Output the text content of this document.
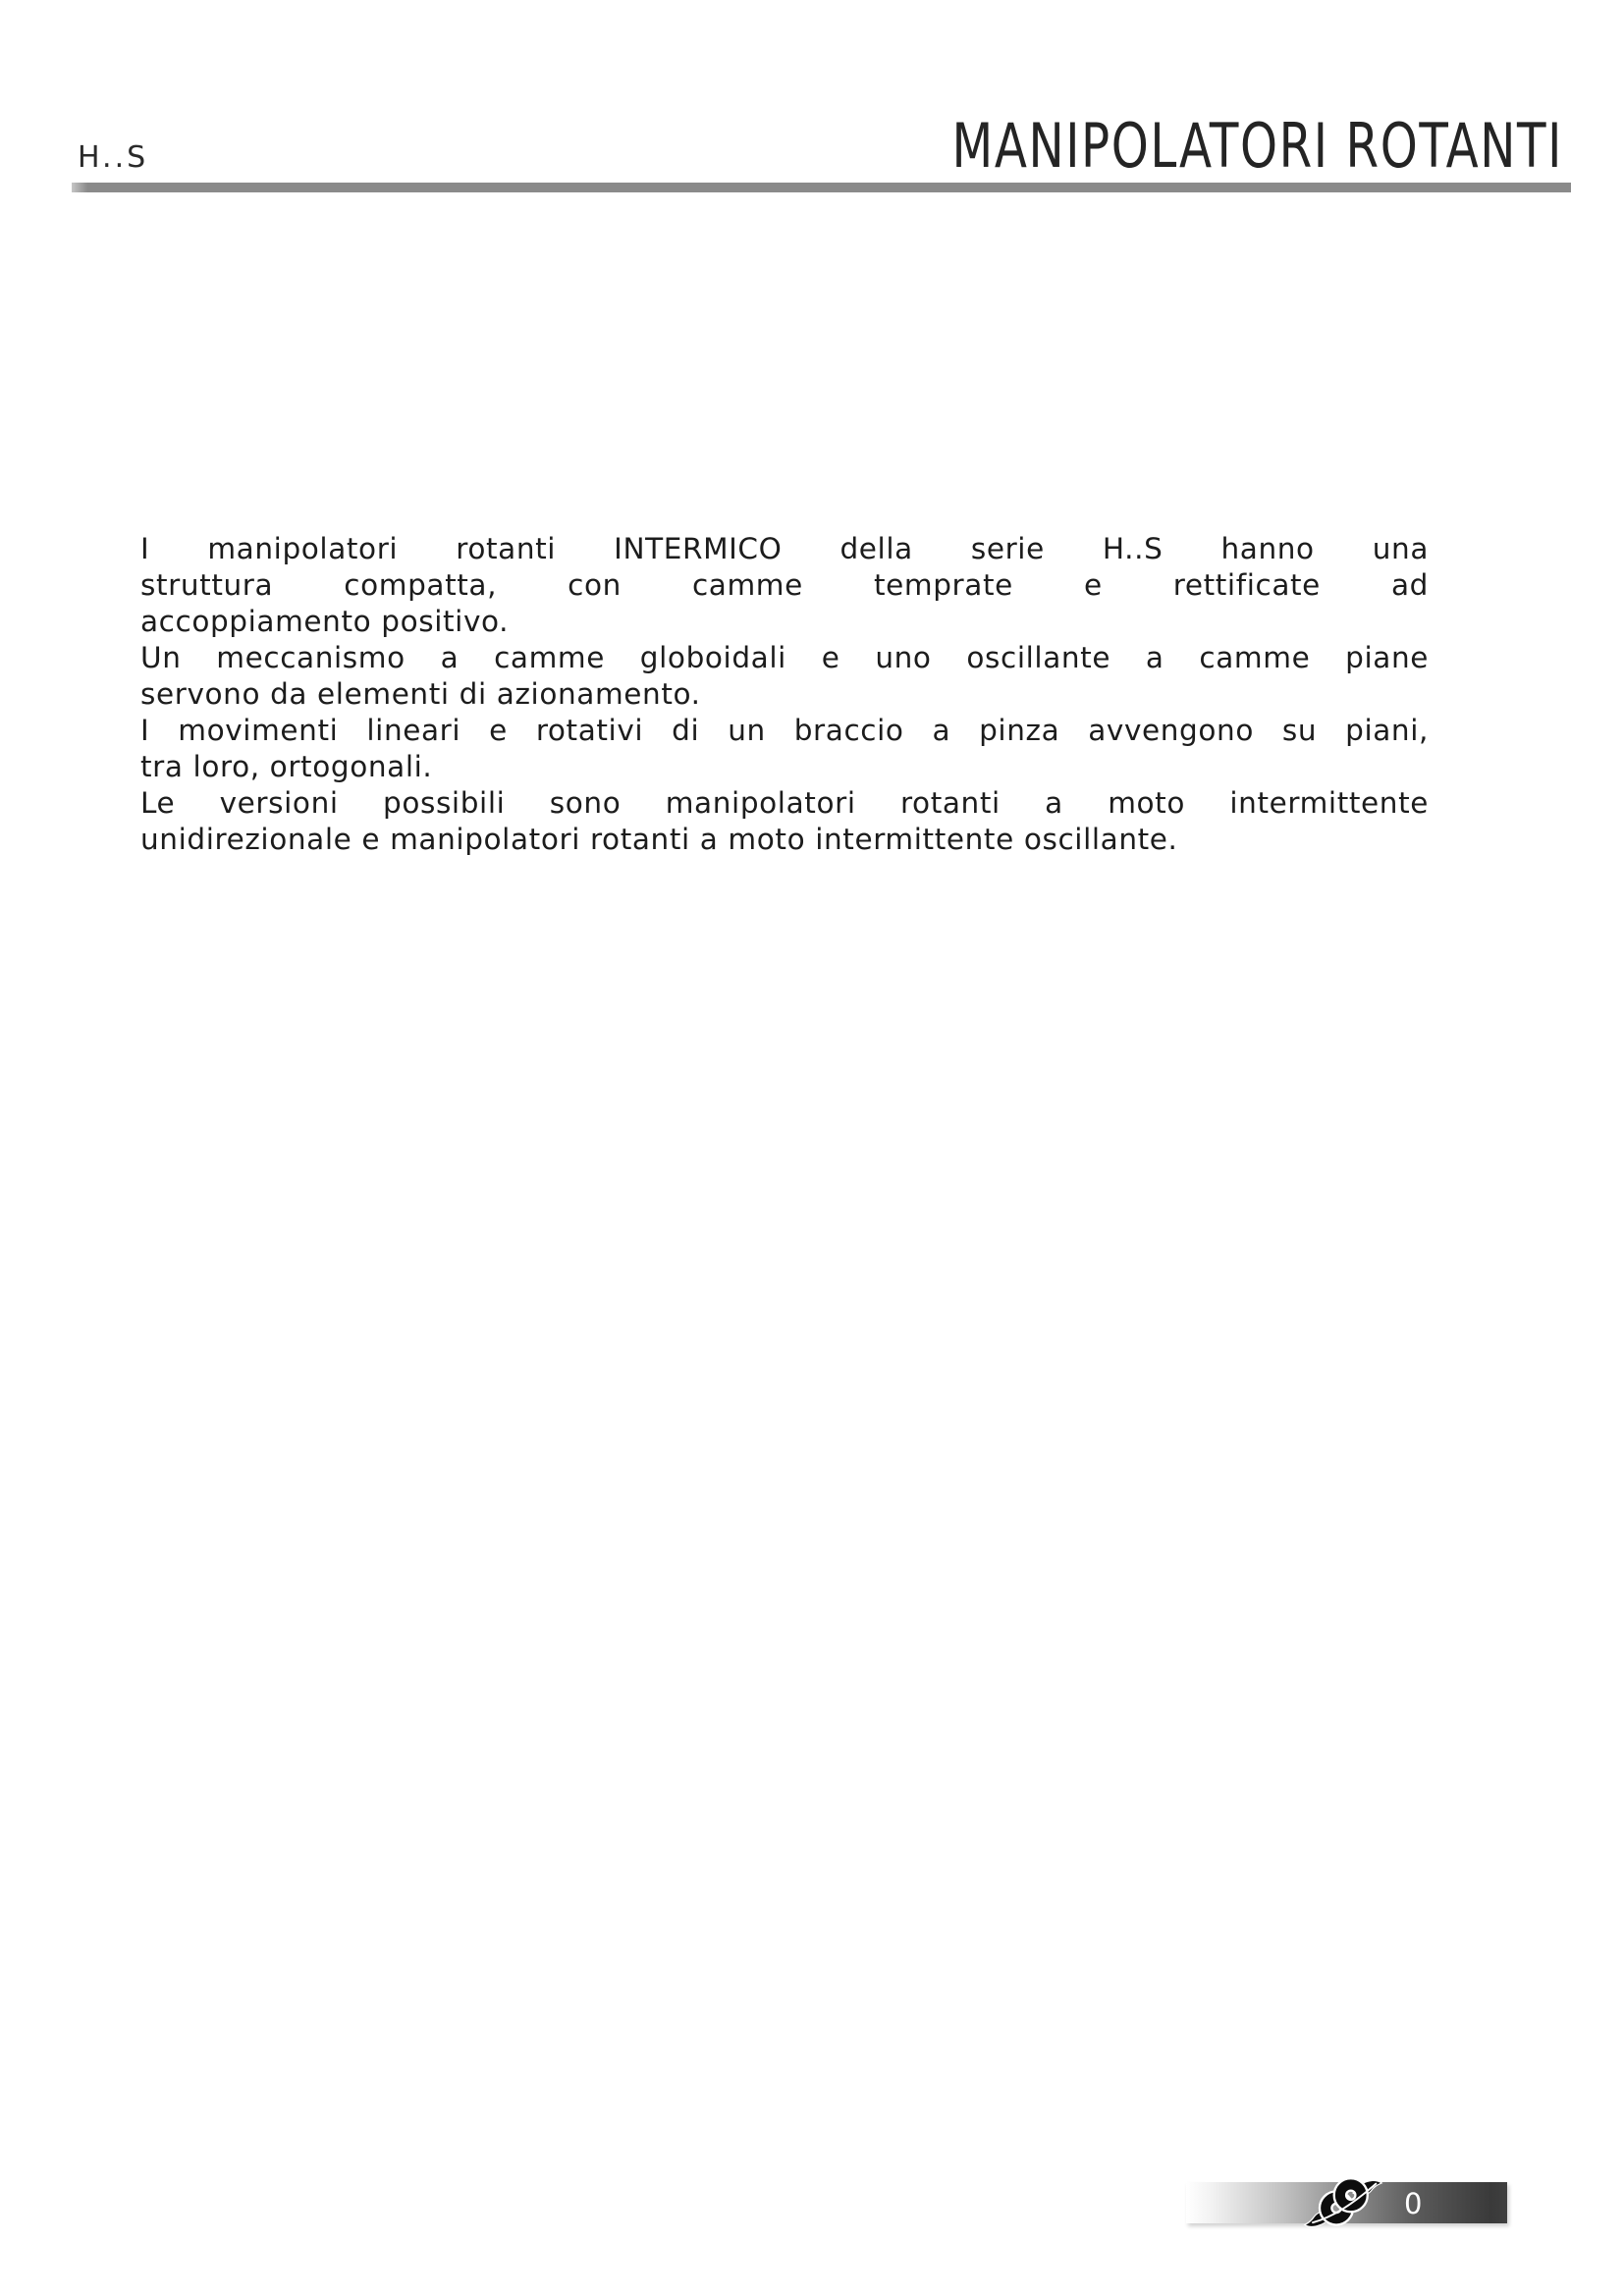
H..S	MANIPOLATORI ROTANTI

I manipolatori rotanti INTERMICO della serie H..S hanno una

struttura compatta, con camme temprate e rettificate ad

accoppiamento positivo.

Un meccanismo a camme globoidali e uno oscillante a camme piane

servono da elementi di azionamento.

I movimenti lineari e rotativi di un braccio a pinza avvengono su piani,

tra loro, ortogonali.

Le versioni possibili sono manipolatori rotanti a moto intermittente

unidirezionale e manipolatori rotanti a moto intermittente oscillante.

0
